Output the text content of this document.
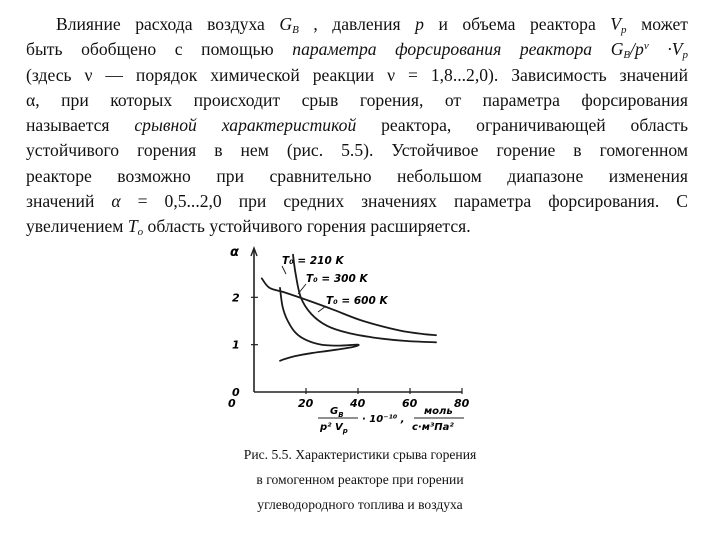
Влияние расхода воздуха $G_B$ , давления p и объема реактора $V_p$ может
быть обобщено с помощью параметра форсирования реактора $G_B/p^\nu \cdot V_p$
(здесь ν — порядок химической реакции ν = 1,8...2,0). Зависимость значений
α, при которых происходит срыв горения, от параметра форсирования
называется срывной характеристикой реактора, ограничивающей область
устойчивого горения в нем (рис. 5.5). Устойчивое горение в гомогенном
реакторе возможно при сравнительно небольшом диапазоне изменения
значений α = 0,5...2,0 при средних значениях параметра форсирования. С
увеличением $T_o$ область устойчивого горения расширяется.
α
0
1
2
0	20	40	60	80
T₀ = 210 K
T₀ = 300 K
T₀ = 600 K
$G_B$
p² $V_p$
· 10⁻¹⁰ ,
моль
с·м³Па²
Рис. 5.5. Характеристики срыва горения
в гомогенном реакторе при горении
углеводородного топлива и воздуха
